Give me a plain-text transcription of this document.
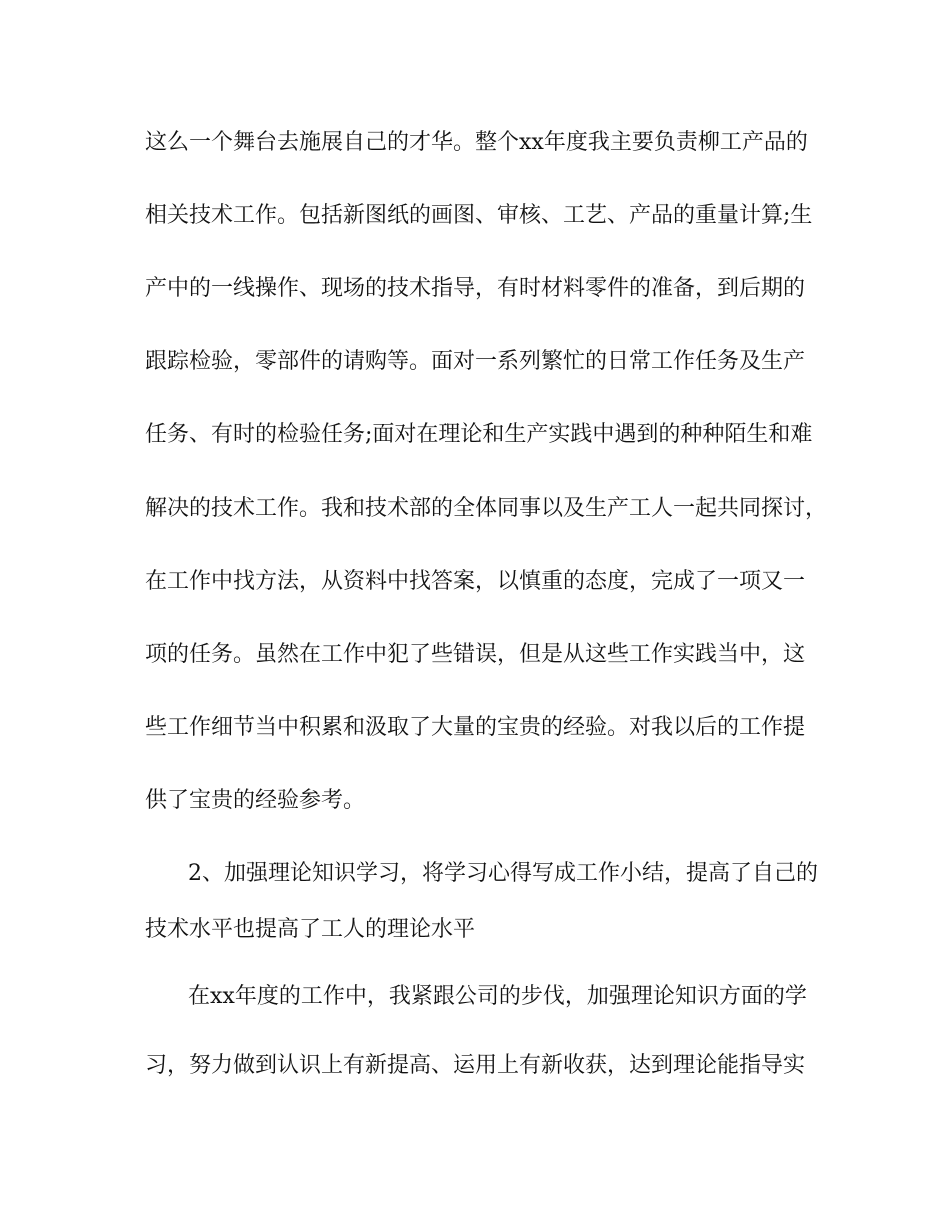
这么一个舞台去施展自己的才华。整个xx年度我主要负责柳工产品的
相关技术工作。包括新图纸的画图、审核、工艺、产品的重量计算;生
产中的一线操作、现场的技术指导，有时材料零件的准备，到后期的
跟踪检验，零部件的请购等。面对一系列繁忙的日常工作任务及生产
任务、有时的检验任务;面对在理论和生产实践中遇到的种种陌生和难
解决的技术工作。我和技术部的全体同事以及生产工人一起共同探讨，
在工作中找方法，从资料中找答案，以慎重的态度，完成了一项又一
项的任务。虽然在工作中犯了些错误，但是从这些工作实践当中，这
些工作细节当中积累和汲取了大量的宝贵的经验。对我以后的工作提
供了宝贵的经验参考。
2、加强理论知识学习，将学习心得写成工作小结，提高了自己的
技术水平也提高了工人的理论水平
在xx年度的工作中，我紧跟公司的步伐，加强理论知识方面的学
习，努力做到认识上有新提高、运用上有新收获，达到理论能指导实
